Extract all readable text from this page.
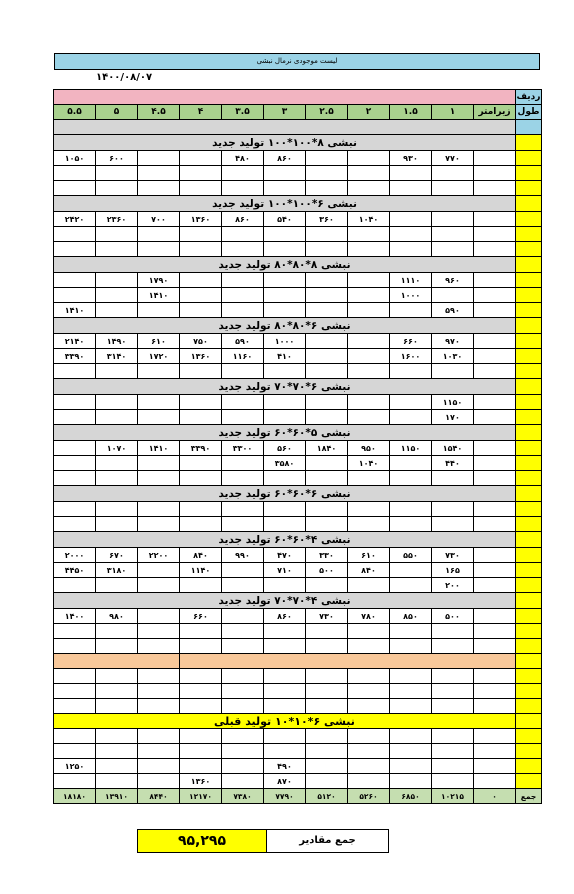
لیست موجودی نرمال نبشی
۱۴۰۰/۰۸/۰۷
											ردیف
۵.۵	۵	۴.۵	۴	۳.۵	۳	۲.۵	۲	۱.۵	۱	زیرامتر	طول

نبشی ۸*۱۰۰*۱۰۰ تولید جدید											
۱۰۵۰	۶۰۰			۴۸۰	۸۶۰			۹۳۰	۷۷۰		

نبشی ۶*۱۰۰*۱۰۰ تولید جدید											
۲۴۲۰	۲۳۶۰	۷۰۰	۱۳۶۰	۸۶۰	۵۴۰	۳۶۰	۱۰۴۰				

نبشی ۸*۸۰*۸۰ تولید جدید											
		۱۷۹۰						۱۱۱۰	۹۶۰		
		۱۴۱۰						۱۰۰۰			
۱۴۱۰									۵۹۰		
نبشی ۶*۸۰*۸۰ تولید جدید											
۲۱۴۰	۱۴۹۰	۶۱۰	۷۵۰	۵۹۰	۱۰۰۰			۶۶۰	۹۷۰		
۳۳۹۰	۳۱۴۰	۱۷۲۰	۱۳۶۰	۱۱۶۰	۴۱۰			۱۶۰۰	۱۰۳۰		

نبشی ۶*۷۰*۷۰ تولید جدید											
									۱۱۵۰		
									۱۷۰		
نبشی ۵*۶۰*۶۰ تولید جدید											
	۱۰۷۰	۱۴۱۰	۳۳۹۰	۳۳۰۰	۵۶۰	۱۸۴۰	۹۵۰	۱۱۵۰	۱۵۴۰		
					۳۵۸۰		۱۰۴۰		۴۴۰		

نبشی ۶*۶۰*۶۰ تولید جدید											

نبشی ۴*۶۰*۶۰ تولید جدید											
۲۰۰۰	۶۷۰	۲۲۰۰	۸۴۰	۹۹۰	۴۷۰	۳۳۰	۶۱۰	۵۵۰	۷۳۰		
۴۴۵۰	۳۱۸۰		۱۱۴۰		۷۱۰	۵۰۰	۸۴۰		۱۶۵		
									۲۰۰		
نبشی ۴*۷۰*۷۰ تولید جدید											
۱۴۰۰	۹۸۰		۶۶۰		۸۶۰	۷۳۰	۷۸۰	۸۵۰	۵۰۰		

نبشی ۶*۱۰*۱۰ تولید قبلی											

۱۲۵۰					۴۹۰						
			۱۳۶۰		۸۷۰						
۱۸۱۸۰	۱۳۹۱۰	۸۴۴۰	۱۲۱۷۰	۷۳۸۰	۷۷۹۰	۵۱۲۰	۵۲۶۰	۶۸۵۰	۱۰۲۱۵	۰	جمع
۹۵,۲۹۵	جمع مقادیر
